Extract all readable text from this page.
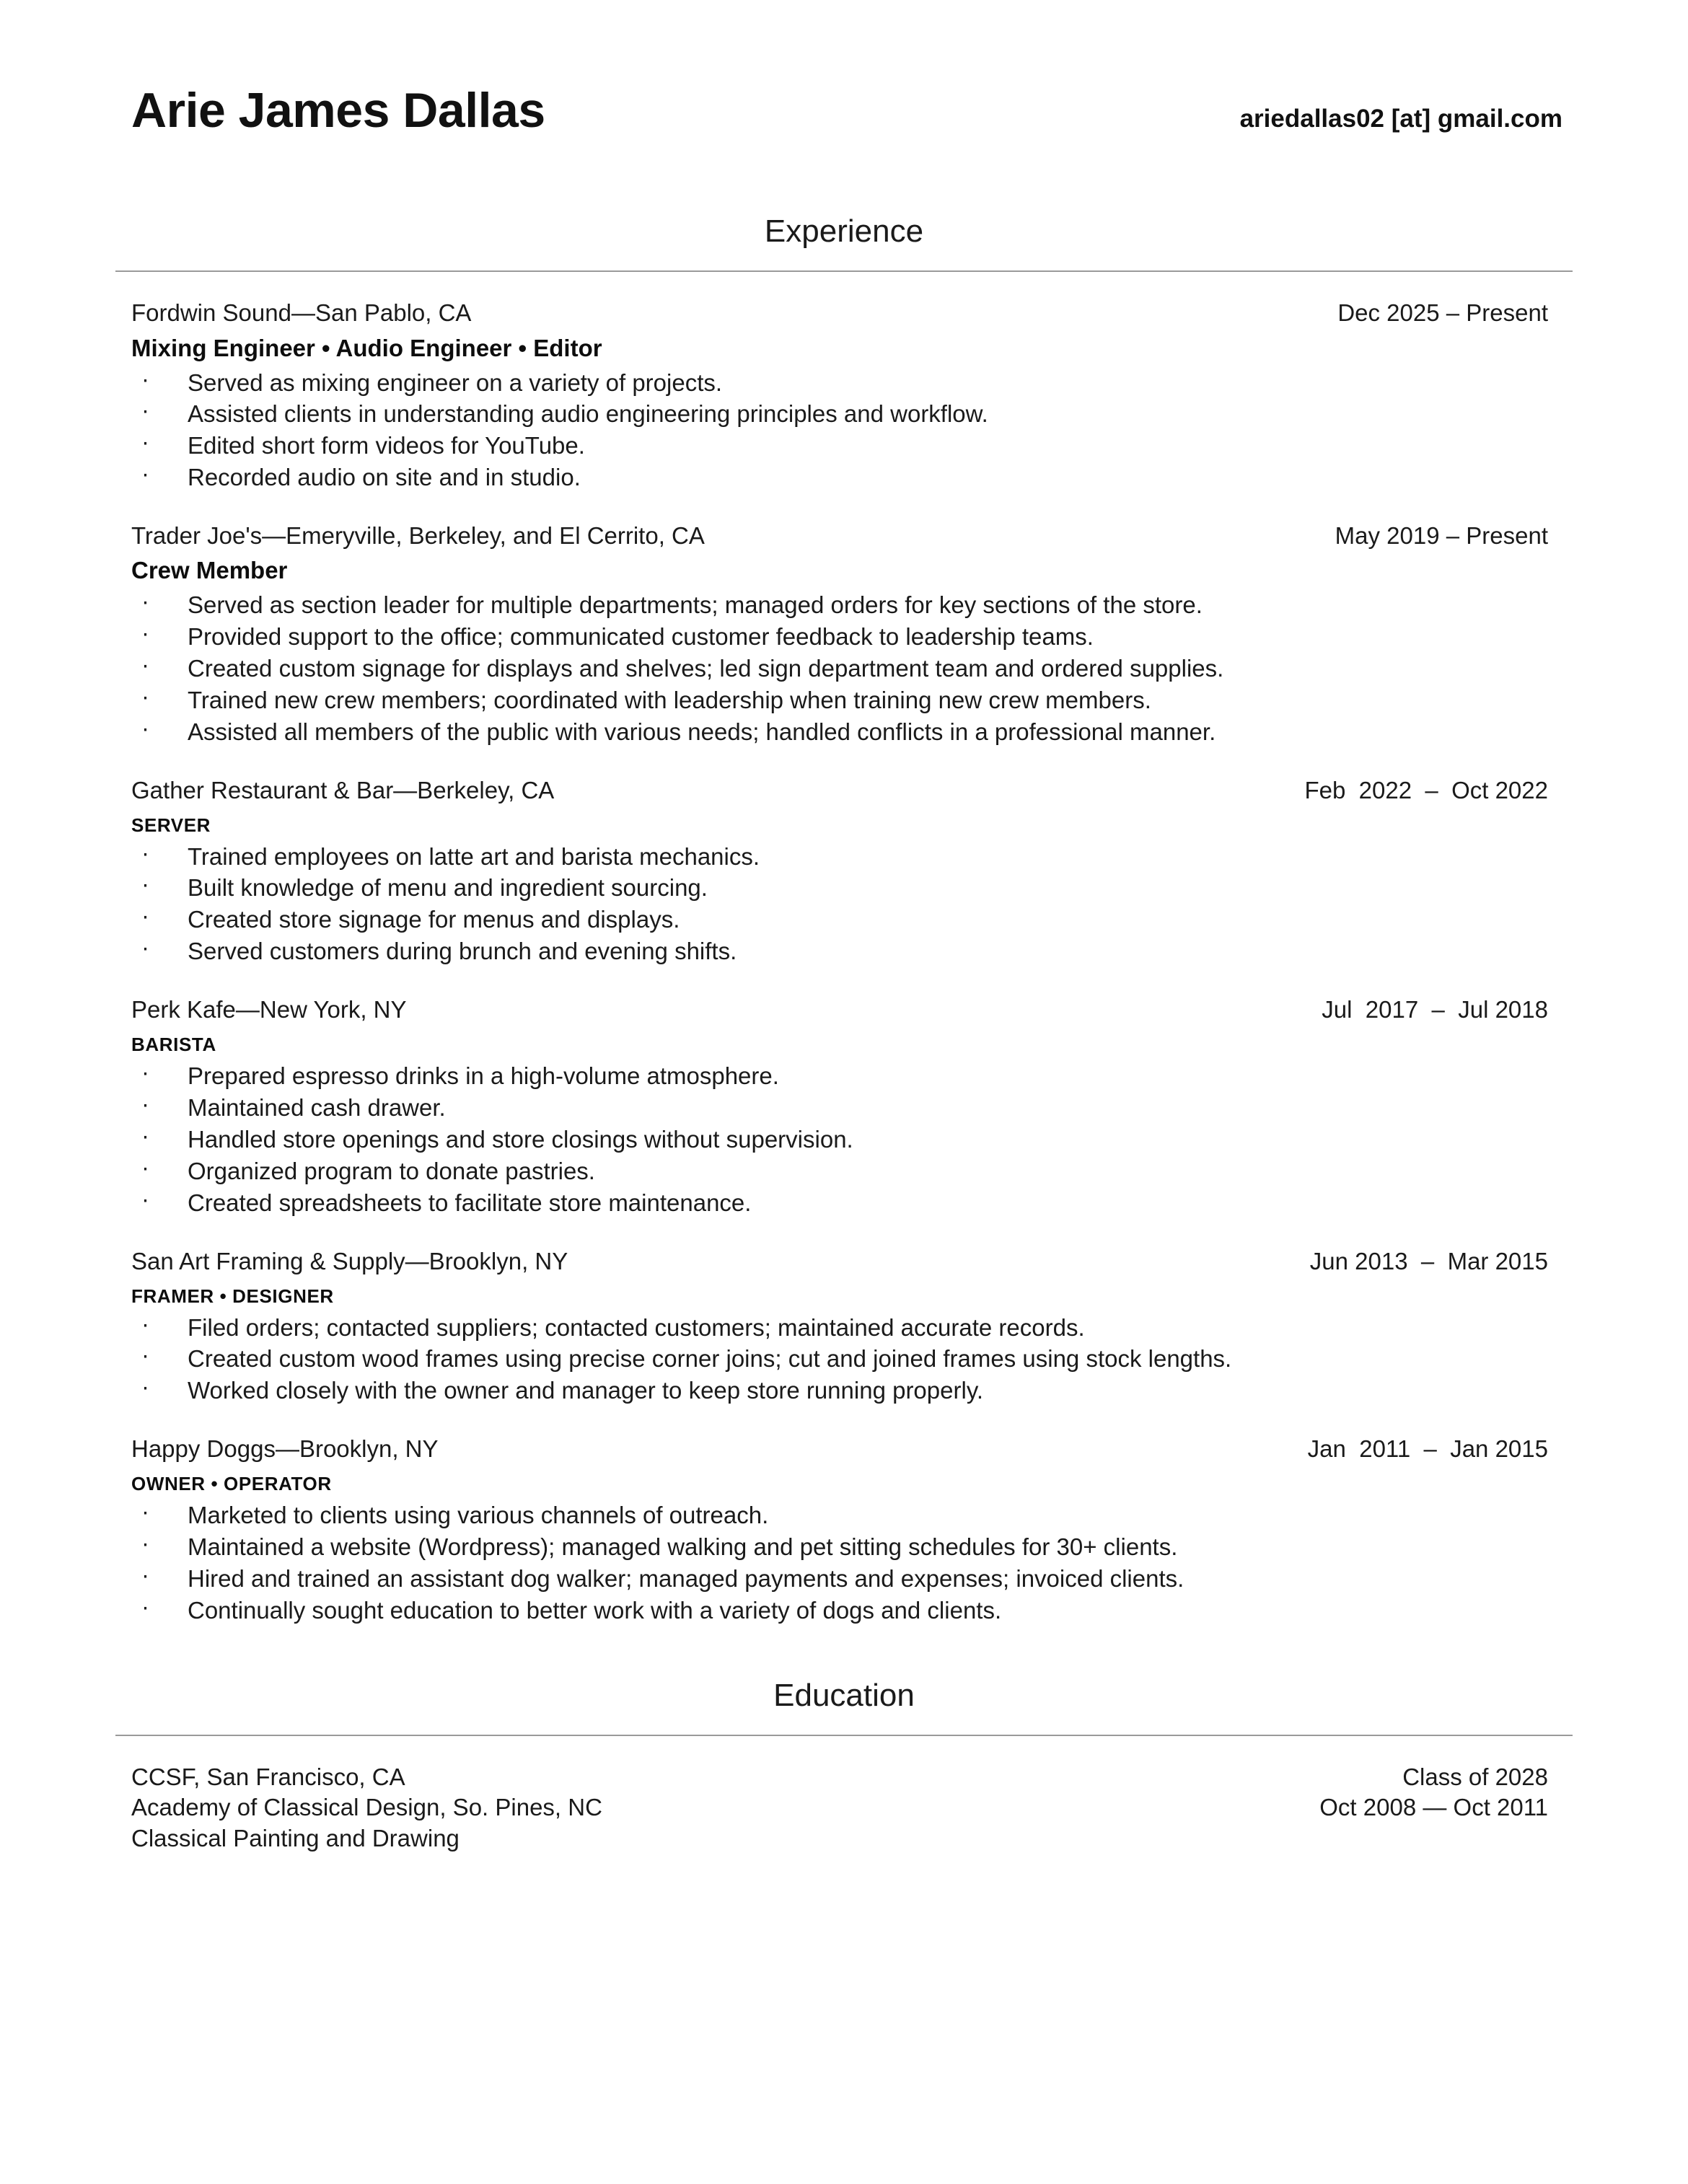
Arie James Dallas	ariedallas02 [at] gmail.com
Experience
Fordwin Sound—San Pablo, CA	Dec 2025 – Present
Mixing Engineer • Audio Engineer • Editor
· Served as mixing engineer on a variety of projects.
· Assisted clients in understanding audio engineering principles and workflow.
· Edited short form videos for YouTube.
· Recorded audio on site and in studio.
Trader Joe's—Emeryville, Berkeley, and El Cerrito, CA	May 2019 – Present
Crew Member
· Served as section leader for multiple departments; managed orders for key sections of the store.
· Provided support to the office; communicated customer feedback to leadership teams.
· Created custom signage for displays and shelves; led sign department team and ordered supplies.
· Trained new crew members; coordinated with leadership when training new crew members.
· Assisted all members of the public with various needs; handled conflicts in a professional manner.
Gather Restaurant & Bar—Berkeley, CA	Feb  2022  –  Oct 2022
SERVER
· Trained employees on latte art and barista mechanics.
· Built knowledge of menu and ingredient sourcing.
· Created store signage for menus and displays.
· Served customers during brunch and evening shifts.
Perk Kafe—New York, NY	Jul  2017  –  Jul 2018
BARISTA
· Prepared espresso drinks in a high-volume atmosphere.
· Maintained cash drawer.
· Handled store openings and store closings without supervision.
· Organized program to donate pastries.
· Created spreadsheets to facilitate store maintenance.
San Art Framing & Supply—Brooklyn, NY	Jun 2013  –  Mar 2015
FRAMER • DESIGNER
· Filed orders; contacted suppliers; contacted customers; maintained accurate records.
· Created custom wood frames using precise corner joins; cut and joined frames using stock lengths.
· Worked closely with the owner and manager to keep store running properly.
Happy Doggs—Brooklyn, NY	Jan  2011  –  Jan 2015
OWNER • OPERATOR
· Marketed to clients using various channels of outreach.
· Maintained a website (Wordpress); managed walking and pet sitting schedules for 30+ clients.
· Hired and trained an assistant dog walker; managed payments and expenses; invoiced clients.
· Continually sought education to better work with a variety of dogs and clients.
Education
CCSF, San Francisco, CA	Class of 2028
Academy of Classical Design, So. Pines, NC	Oct 2008 — Oct 2011
Classical Painting and Drawing
